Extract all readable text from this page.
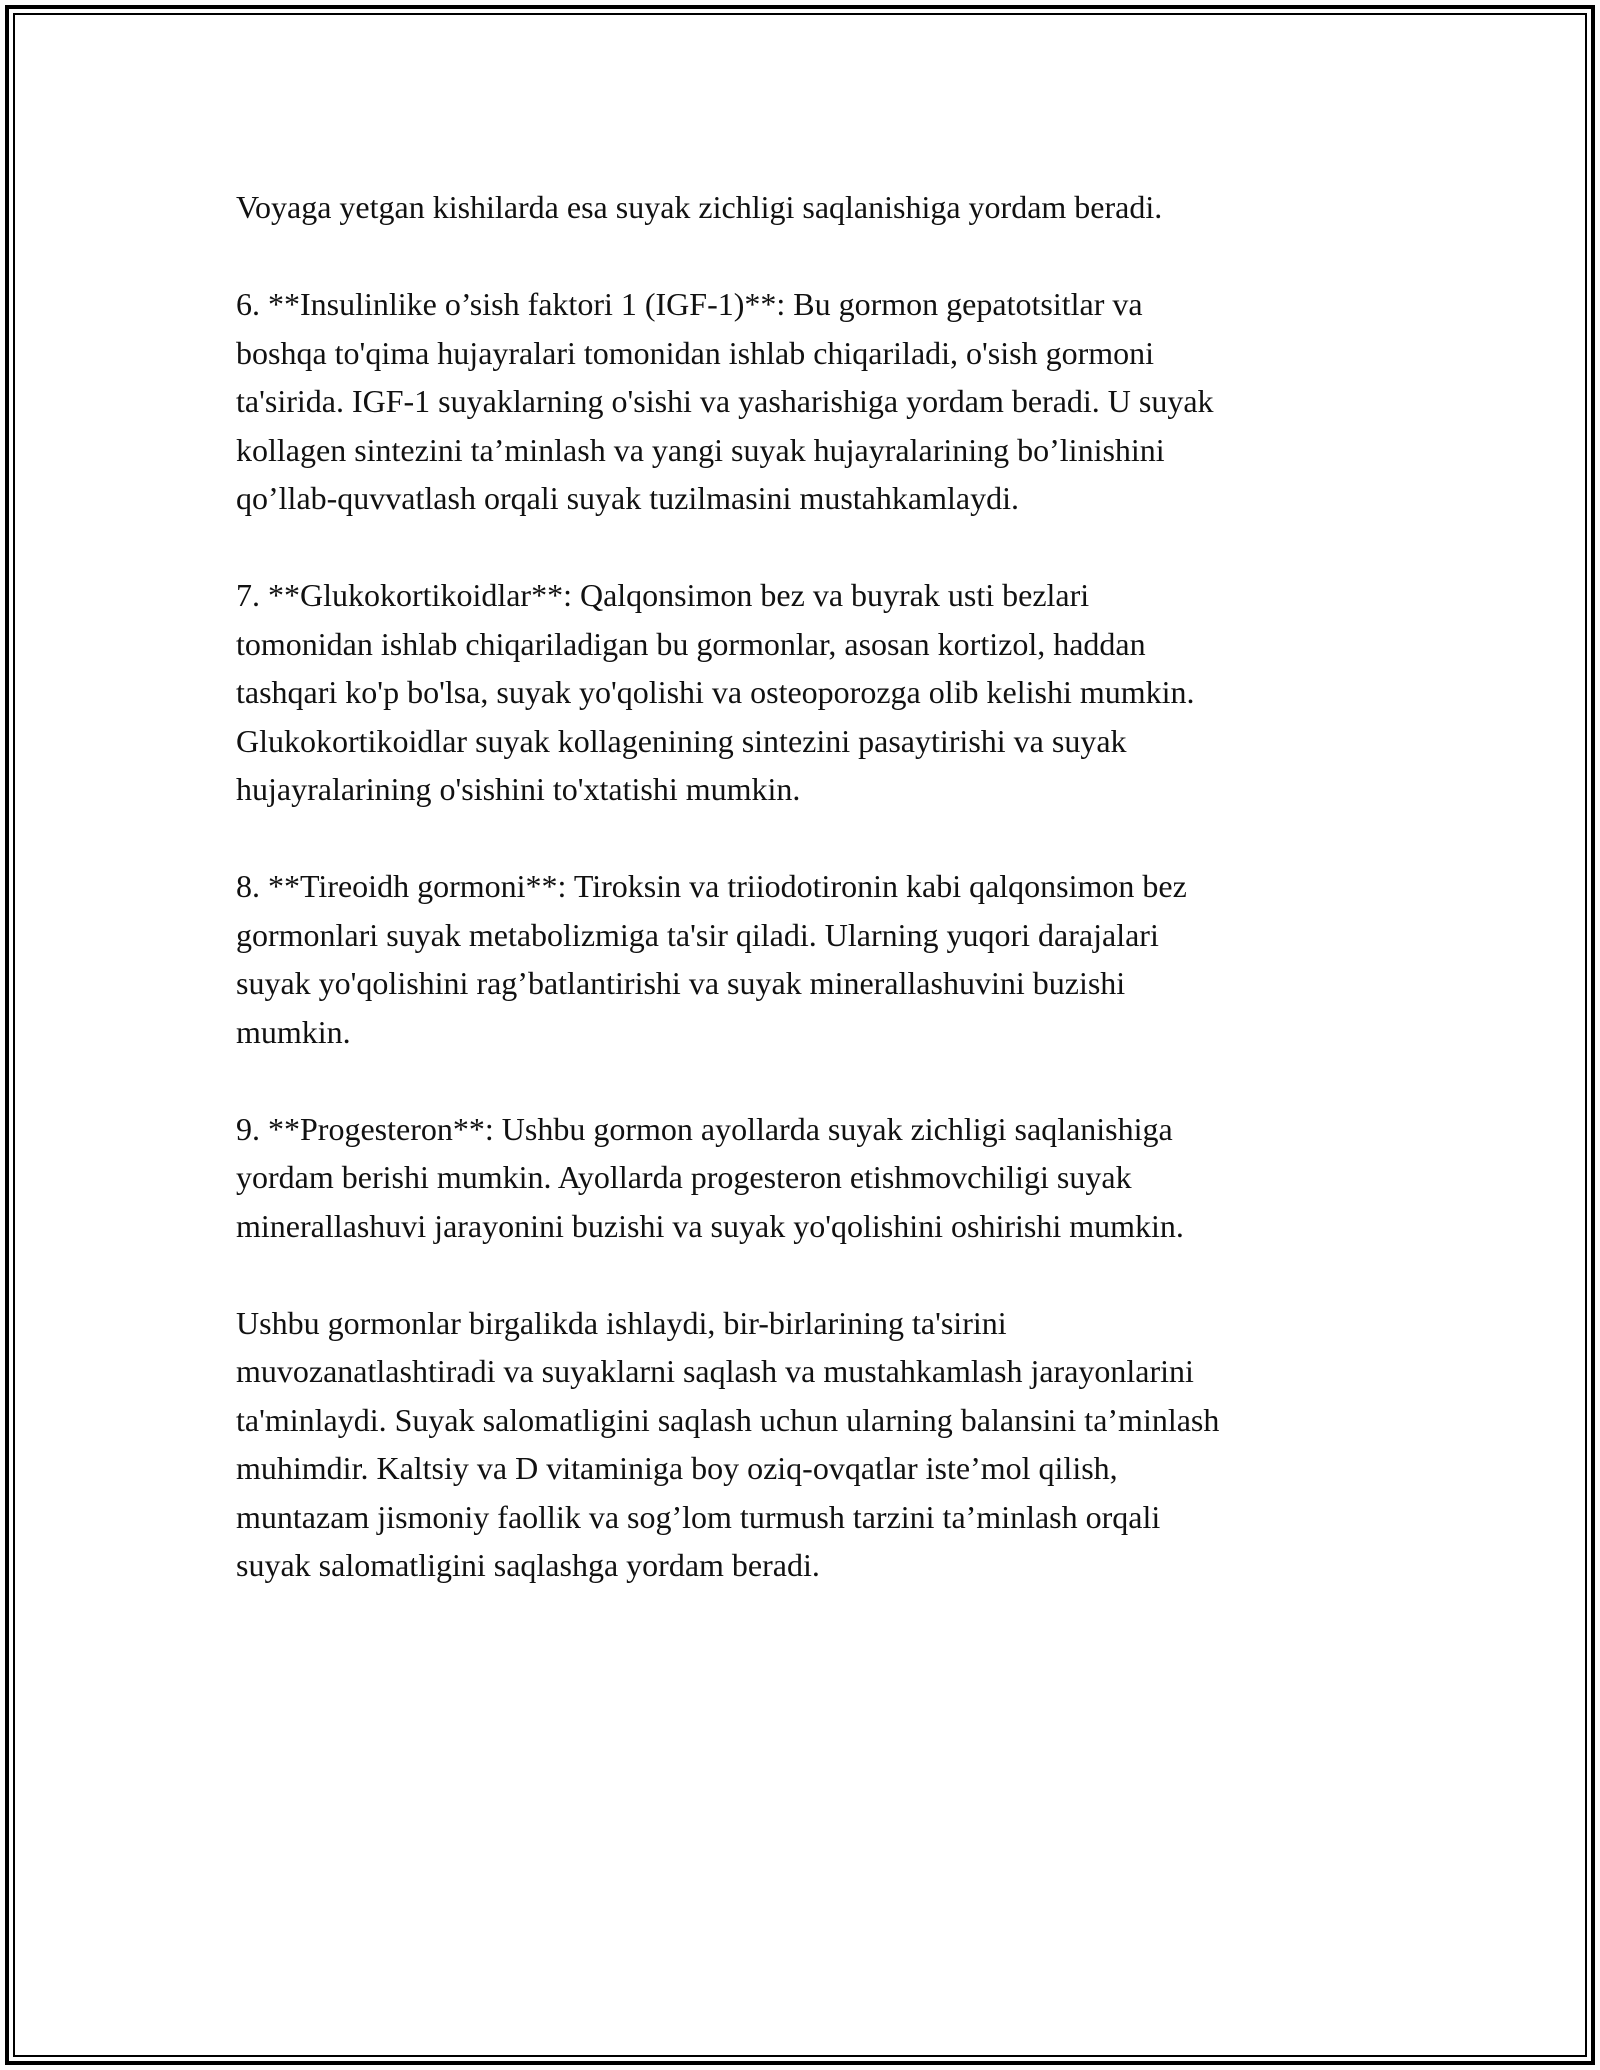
Voyaga yetgan kishilarda esa suyak zichligi saqlanishiga yordam beradi.

6. **Insulinlike o’sish faktori 1 (IGF-1)**: Bu gormon gepatotsitlar va
boshqa to'qima hujayralari tomonidan ishlab chiqariladi, o'sish gormoni
ta'sirida. IGF-1 suyaklarning o'sishi va yasharishiga yordam beradi. U suyak
kollagen sintezini ta’minlash va yangi suyak hujayralarining bo’linishini
qo’llab-quvvatlash orqali suyak tuzilmasini mustahkamlaydi.

7. **Glukokortikoidlar**: Qalqonsimon bez va buyrak usti bezlari
tomonidan ishlab chiqariladigan bu gormonlar, asosan kortizol, haddan
tashqari ko'p bo'lsa, suyak yo'qolishi va osteoporozga olib kelishi mumkin.
Glukokortikoidlar suyak kollagenining sintezini pasaytirishi va suyak
hujayralarining o'sishini to'xtatishi mumkin.

8. **Tireoidh gormoni**: Tiroksin va triiodotironin kabi qalqonsimon bez
gormonlari suyak metabolizmiga ta'sir qiladi. Ularning yuqori darajalari
suyak yo'qolishini rag’batlantirishi va suyak minerallashuvini buzishi
mumkin.

9. **Progesteron**: Ushbu gormon ayollarda suyak zichligi saqlanishiga
yordam berishi mumkin. Ayollarda progesteron etishmovchiligi suyak
minerallashuvi jarayonini buzishi va suyak yo'qolishini oshirishi mumkin.

Ushbu gormonlar birgalikda ishlaydi, bir-birlarining ta'sirini
muvozanatlashtiradi va suyaklarni saqlash va mustahkamlash jarayonlarini
ta'minlaydi. Suyak salomatligini saqlash uchun ularning balansini ta’minlash
muhimdir. Kaltsiy va D vitaminiga boy oziq-ovqatlar iste’mol qilish,
muntazam jismoniy faollik va sog’lom turmush tarzini ta’minlash orqali
suyak salomatligini saqlashga yordam beradi.
